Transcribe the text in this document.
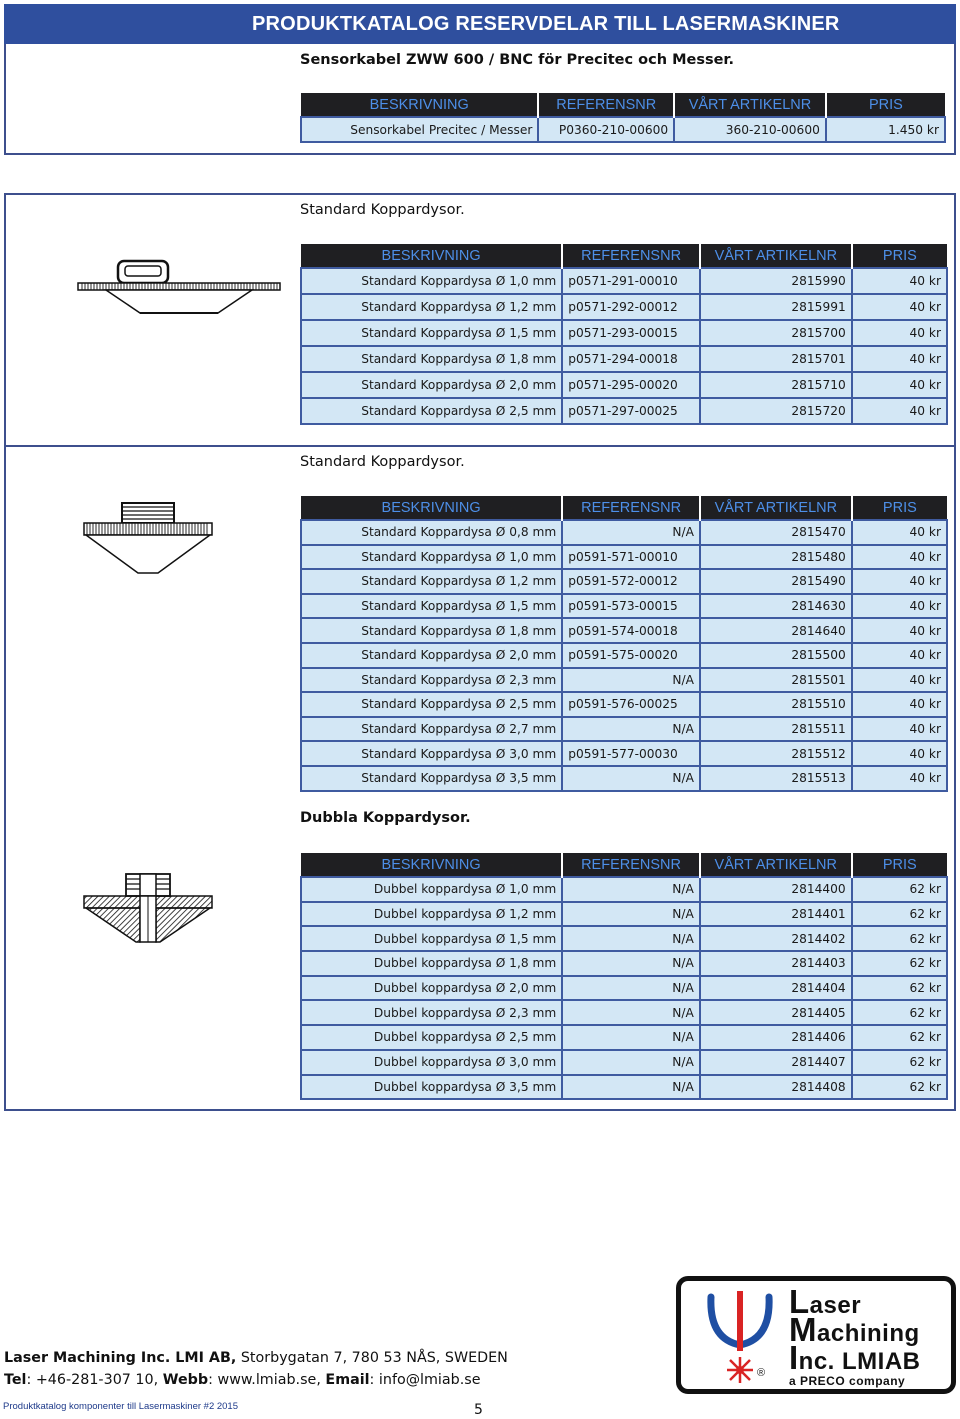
PRODUKTKATALOG RESERVDELAR TILL LASERMASKINER
Sensorkabel ZWW 600 / BNC för Precitec och Messer.
BESKRIVNING	REFERENSNR	VÅRT ARTIKELNR	PRIS
Sensorkabel Precitec / Messer	P0360-210-00600	360-210-00600	1.450 kr
Standard Koppardysor.
BESKRIVNING	REFERENSNR	VÅRT ARTIKELNR	PRIS
Standard Koppardysa Ø 1,0 mm	p0571-291-00010	2815990	40 kr
Standard Koppardysa Ø 1,2 mm	p0571-292-00012	2815991	40 kr
Standard Koppardysa Ø 1,5 mm	p0571-293-00015	2815700	40 kr
Standard Koppardysa Ø 1,8 mm	p0571-294-00018	2815701	40 kr
Standard Koppardysa Ø 2,0 mm	p0571-295-00020	2815710	40 kr
Standard Koppardysa Ø 2,5 mm	p0571-297-00025	2815720	40 kr
Standard Koppardysor.
BESKRIVNING	REFERENSNR	VÅRT ARTIKELNR	PRIS
Standard Koppardysa Ø 0,8 mm	N/A	2815470	40 kr
Standard Koppardysa Ø 1,0 mm	p0591-571-00010	2815480	40 kr
Standard Koppardysa Ø 1,2 mm	p0591-572-00012	2815490	40 kr
Standard Koppardysa Ø 1,5 mm	p0591-573-00015	2814630	40 kr
Standard Koppardysa Ø 1,8 mm	p0591-574-00018	2814640	40 kr
Standard Koppardysa Ø 2,0 mm	p0591-575-00020	2815500	40 kr
Standard Koppardysa Ø 2,3 mm	N/A	2815501	40 kr
Standard Koppardysa Ø 2,5 mm	p0591-576-00025	2815510	40 kr
Standard Koppardysa Ø 2,7 mm	N/A	2815511	40 kr
Standard Koppardysa Ø 3,0 mm	p0591-577-00030	2815512	40 kr
Standard Koppardysa Ø 3,5 mm	N/A	2815513	40 kr
Dubbla Koppardysor.
BESKRIVNING	REFERENSNR	VÅRT ARTIKELNR	PRIS
Dubbel koppardysa Ø 1,0 mm	N/A	2814400	62 kr
Dubbel koppardysa Ø 1,2 mm	N/A	2814401	62 kr
Dubbel koppardysa Ø 1,5 mm	N/A	2814402	62 kr
Dubbel koppardysa Ø 1,8 mm	N/A	2814403	62 kr
Dubbel koppardysa Ø 2,0 mm	N/A	2814404	62 kr
Dubbel koppardysa Ø 2,3 mm	N/A	2814405	62 kr
Dubbel koppardysa Ø 2,5 mm	N/A	2814406	62 kr
Dubbel koppardysa Ø 3,0 mm	N/A	2814407	62 kr
Dubbel koppardysa Ø 3,5 mm	N/A	2814408	62 kr
Laser Machining Inc. LMI AB, Storbygatan 7, 780 53 NÅS, SWEDEN
Tel: +46-281-307 10, Webb: www.lmiab.se, Email: info@lmiab.se
Produktkatalog komponenter till Lasermaskiner #2 2015	5
Laser
Machining
Inc. LMIAB
®
a PRECO company
